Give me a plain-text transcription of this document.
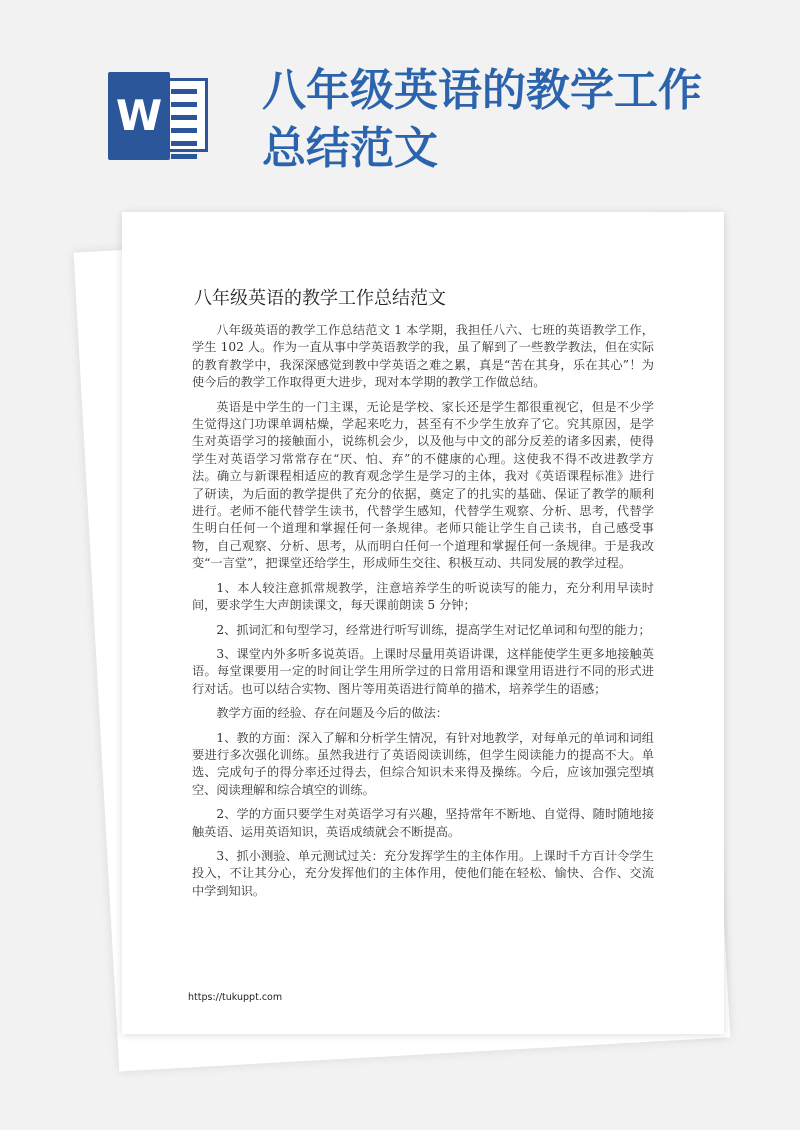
W 八年级英语的教学工作
总结范文
八年级英语的教学工作总结范文

八年级英语的教学工作总结范文 1 本学期，我担任八六、七班的英语教学工作，学生 102 人。作为一直从事中学英语教学的我，虽了解到了一些教学教法，但在实际的教育教学中，我深深感觉到教中学英语之难之累，真是“苦在其身，乐在其心”！为使今后的教学工作取得更大进步，现对本学期的教学工作做总结。

英语是中学生的一门主课，无论是学校、家长还是学生都很重视它，但是不少学生觉得这门功课单调枯燥，学起来吃力，甚至有不少学生放弃了它。究其原因，是学生对英语学习的接触面小，说练机会少，以及他与中文的部分反差的诸多因素，使得学生对英语学习常常存在“厌、怕、弃”的不健康的心理。这使我不得不改进教学方法。确立与新课程相适应的教育观念学生是学习的主体，我对《英语课程标准》进行了研读，为后面的教学提供了充分的依据，奠定了的扎实的基础、保证了教学的顺利进行。老师不能代替学生读书，代替学生感知，代替学生观察、分析、思考，代替学生明白任何一个道理和掌握任何一条规律。老师只能让学生自己读书，自己感受事物，自己观察、分析、思考，从而明白任何一个道理和掌握任何一条规律。于是我改变“一言堂”，把课堂还给学生，形成师生交往、积极互动、共同发展的教学过程。

1、本人较注意抓常规教学，注意培养学生的听说读写的能力，充分利用早读时间，要求学生大声朗读课文，每天课前朗读 5 分钟；

2、抓词汇和句型学习，经常进行听写训练，提高学生对记忆单词和句型的能力；

3、课堂内外多听多说英语。上课时尽量用英语讲课，这样能使学生更多地接触英语。每堂课要用一定的时间让学生用所学过的日常用语和课堂用语进行不同的形式进行对话。也可以结合实物、图片等用英语进行简单的描术，培养学生的语感；

教学方面的经验、存在问题及今后的做法：

1、教的方面：深入了解和分析学生情况，有针对地教学，对每单元的单词和词组要进行多次强化训练。虽然我进行了英语阅读训练，但学生阅读能力的提高不大。单选、完成句子的得分率还过得去，但综合知识未来得及操练。今后，应该加强完型填空、阅读理解和综合填空的训练。

2、学的方面只要学生对英语学习有兴趣，坚持常年不断地、自觉得、随时随地接触英语、运用英语知识，英语成绩就会不断提高。

3、抓小测验、单元测试过关：充分发挥学生的主体作用。上课时千方百计令学生投入，不让其分心，充分发挥他们的主体作用，使他们能在轻松、愉快、合作、交流中学到知识。

https://tukuppt.com
